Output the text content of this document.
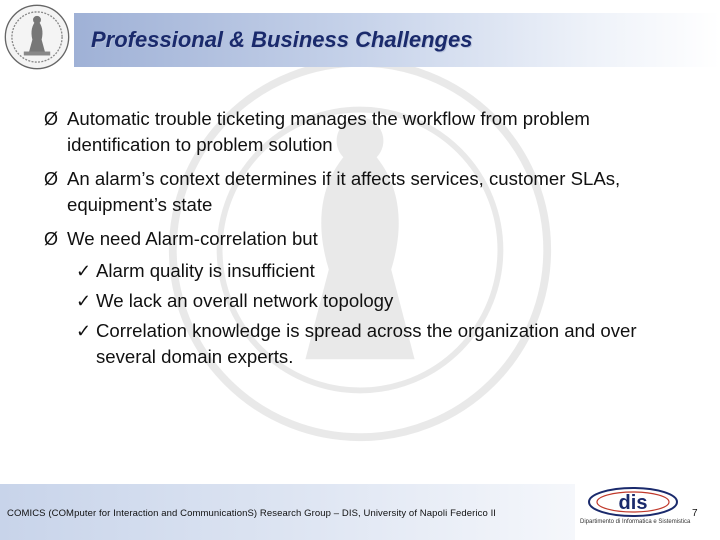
Professional & Business Challenges
Ø Automatic trouble ticketing manages the workflow from problem identification to problem solution
Ø An alarm’s context determines if it affects services, customer SLAs, equipment’s state
Ø We need Alarm-correlation but
✓ Alarm quality is insufficient
✓ We lack an overall network topology
✓ Correlation knowledge is spread across the organization and over several domain experts.
COMICS (COMputer for Interaction and CommunicationS) Research Group – DIS, University of Napoli Federico II	dis
Dipartimento di Informatica e Sistemistica
7
